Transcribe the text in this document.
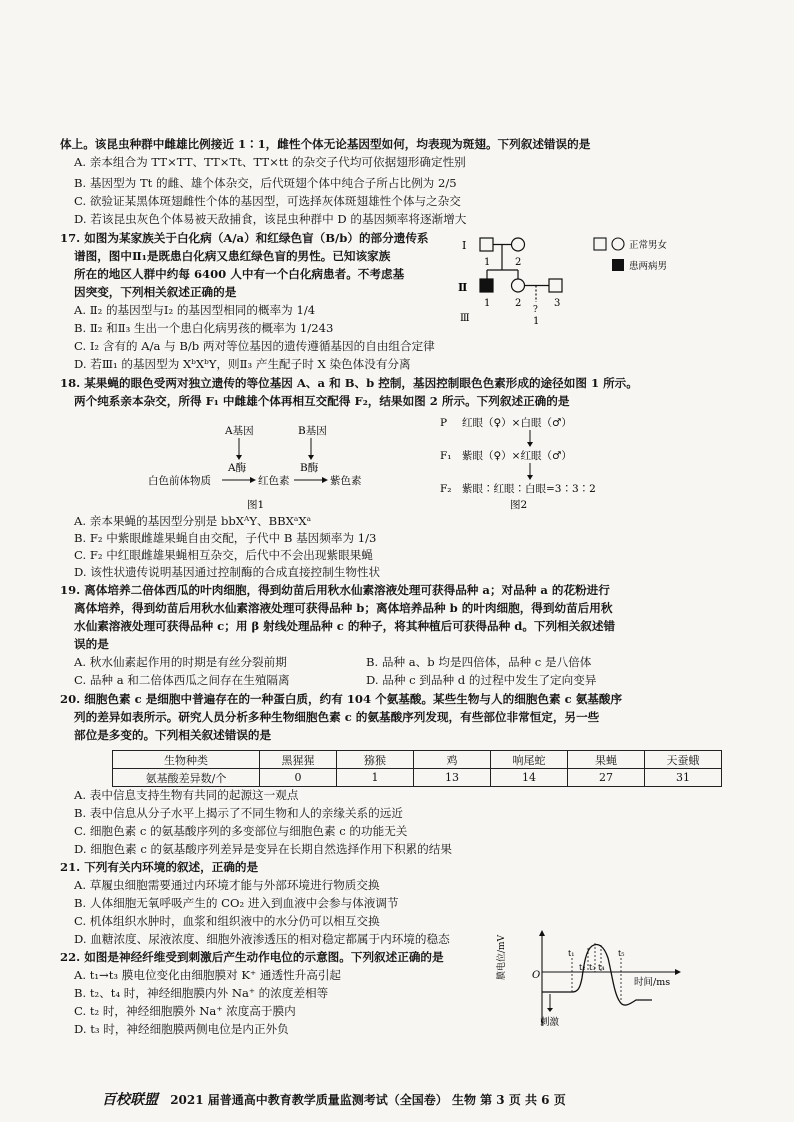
体上。该昆虫种群中雌雄比例接近 1∶1，雌性个体无论基因型如何，均表现为斑翅。下列叙述错误的是
A. 亲本组合为 TT×TT、TT×Tt、TT×tt 的杂交子代均可依据翅形确定性别
B. 基因型为 Tt 的雌、雄个体杂交，后代斑翅个体中纯合子所占比例为 2/5
C. 欲验证某黑体斑翅雌性个体的基因型，可选择灰体斑翅雄性个体与之杂交
D. 若该昆虫灰色个体易被天敌捕食，该昆虫种群中 D 的基因频率将逐渐增大
17. 如图为某家族关于白化病（A/a）和红绿色盲（B/b）的部分遗传系
谱图，图中Ⅱ₁是既患白化病又患红绿色盲的男性。已知该家族
所在的地区人群中约每 6400 人中有一个白化病患者。不考虑基
因突变，下列相关叙述正确的是
A. Ⅱ₂ 的基因型与Ⅰ₂ 的基因型相同的概率为 1/4
B. Ⅱ₂ 和Ⅱ₃ 生出一个患白化病男孩的概率为 1/243
C. Ⅰ₂ 含有的 A/a 与 B/b 两对等位基因的遗传遵循基因的自由组合定律
D. 若Ⅲ₁ 的基因型为 XᵇXᵇY，则Ⅱ₃ 产生配子时 X 染色体没有分离
Ⅰ
Ⅱ
Ⅲ
1 2
1 2	3
?
1
正常男女
患两病男
18. 某果蝇的眼色受两对独立遗传的等位基因 A、a 和 B、b 控制，基因控制眼色色素形成的途径如图 1 所示。
两个纯系亲本杂交，所得 F₁ 中雌雄个体再相互交配得 F₂，结果如图 2 所示。下列叙述正确的是
A基因	B基因
A酶	B酶
白色前体物质	红色素	紫色素
图1
P 红眼（♀）×白眼（♂）
F₁ 紫眼（♀）×红眼（♂）
F₂ 紫眼∶红眼∶白眼=3∶3∶2
图2
A. 亲本果蝇的基因型分别是 bbXᴬY、BBXᵃXᵃ
B. F₂ 中紫眼雌雄果蝇自由交配，子代中 B 基因频率为 1/3
C. F₂ 中红眼雌雄果蝇相互杂交，后代中不会出现紫眼果蝇
D. 该性状遗传说明基因通过控制酶的合成直接控制生物性状
19. 离体培养二倍体西瓜的叶肉细胞，得到幼苗后用秋水仙素溶液处理可获得品种 a；对品种 a 的花粉进行
离体培养，得到幼苗后用秋水仙素溶液处理可获得品种 b；离体培养品种 b 的叶肉细胞，得到幼苗后用秋
水仙素溶液处理可获得品种 c；用 β 射线处理品种 c 的种子，将其种植后可获得品种 d。下列相关叙述错
误的是
A. 秋水仙素起作用的时期是有丝分裂前期	B. 品种 a、b 均是四倍体，品种 c 是八倍体
C. 品种 a 和二倍体西瓜之间存在生殖隔离	D. 品种 c 到品种 d 的过程中发生了定向变异
20. 细胞色素 c 是细胞中普遍存在的一种蛋白质，约有 104 个氨基酸。某些生物与人的细胞色素 c 氨基酸序
列的差异如表所示。研究人员分析多种生物细胞色素 c 的氨基酸序列发现，有些部位非常恒定，另一些
部位是多变的。下列相关叙述错误的是
生物种类	黑猩猩	猕猴	鸡	响尾蛇	果蝇	天蚕蛾
氨基酸差异数/个	0	1	13	14	27	31
A. 表中信息支持生物有共同的起源这一观点
B. 表中信息从分子水平上揭示了不同生物和人的亲缘关系的远近
C. 细胞色素 c 的氨基酸序列的多变部位与细胞色素 c 的功能无关
D. 细胞色素 c 的氨基酸序列差异是变异在长期自然选择作用下积累的结果
21. 下列有关内环境的叙述，正确的是
A. 草履虫细胞需要通过内环境才能与外部环境进行物质交换
B. 人体细胞无氧呼吸产生的 CO₂ 进入到血液中会参与体液调节
C. 机体组织水肿时，血浆和组织液中的水分仍可以相互交换
D. 血糖浓度、尿液浓度、细胞外液渗透压的相对稳定都属于内环境的稳态
22. 如图是神经纤维受到刺激后产生动作电位的示意图。下列叙述正确的是
A. t₁→t₃ 膜电位变化由细胞膜对 K⁺ 通透性升高引起
B. t₂、t₄ 时，神经细胞膜内外 Na⁺ 的浓度差相等
C. t₂ 时，神经细胞膜外 Na⁺ 浓度高于膜内
D. t₃ 时，神经细胞膜两侧电位是内正外负
膜电位/mV
时间/ms
O
t₁
t₂ t₃ t₄
t₅
刺激
百校联盟 2021 届普通高中教育教学质量监测考试（全国卷） 生物 第 3 页 共 6 页
